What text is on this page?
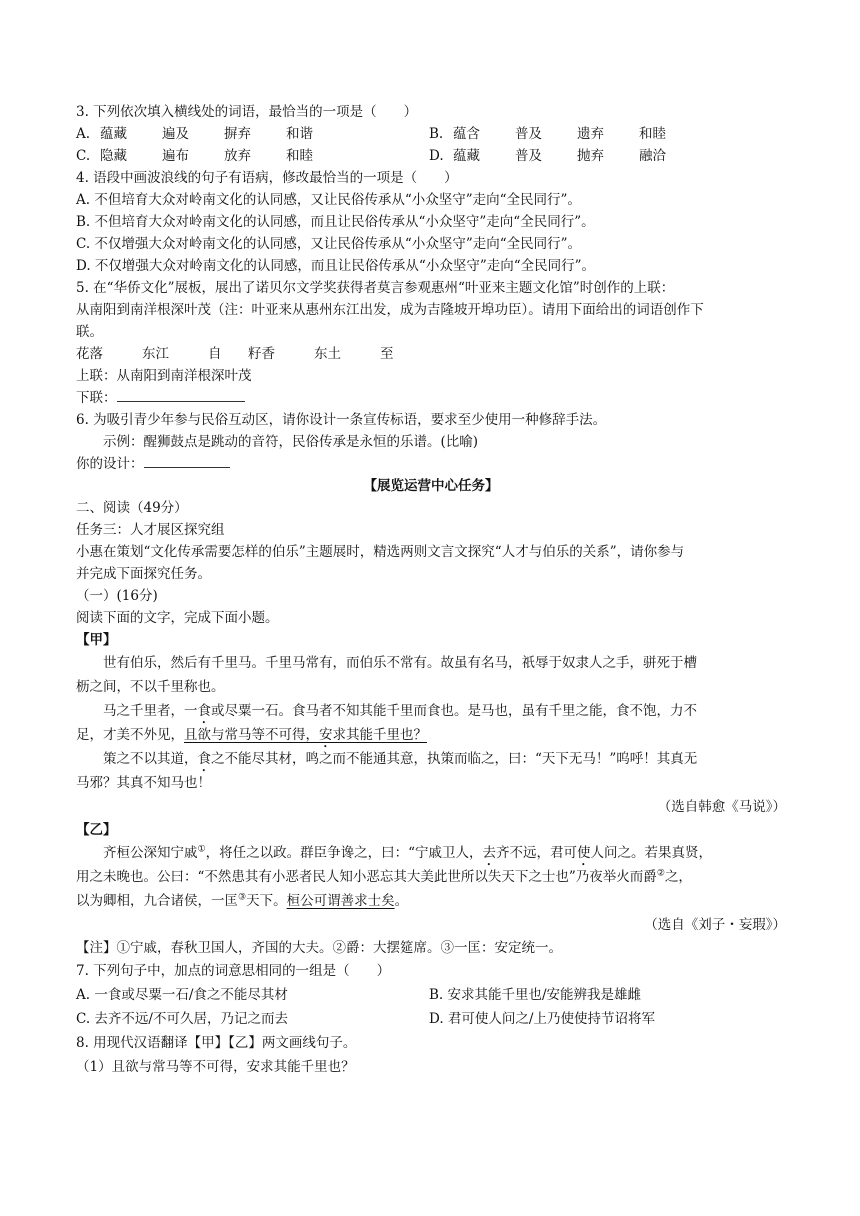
3. 下列依次填入横线处的词语，最恰当的一项是（　　）
A. 蕴藏	遍及	摒弃	和谐	B. 蕴含	普及	遗弃	和睦
C. 隐藏	遍布	放弃	和睦	D. 蕴藏	普及	抛弃	融洽
4. 语段中画波浪线的句子有语病，修改最恰当的一项是（　　）
A. 不但培育大众对岭南文化的认同感，又让民俗传承从“小众坚守”走向“全民同行”。
B. 不但培育大众对岭南文化的认同感，而且让民俗传承从“小众坚守”走向“全民同行”。
C. 不仅增强大众对岭南文化的认同感，又让民俗传承从“小众坚守”走向“全民同行”。
D. 不仅增强大众对岭南文化的认同感，而且让民俗传承从“小众坚守”走向“全民同行”。
5. 在“华侨文化”展板，展出了诺贝尔文学奖获得者莫言参观惠州“叶亚来主题文化馆”时创作的上联：
从南阳到南洋根深叶茂（注：叶亚来从惠州东江出发，成为吉隆坡开埠功臣）。请用下面给出的词语创作下
联。
花落	东江	自 籽香	东土	至
上联：从南阳到南洋根深叶茂
下联：
6. 为吸引青少年参与民俗互动区，请你设计一条宣传标语，要求至少使用一种修辞手法。
示例：醒狮鼓点是跳动的音符，民俗传承是永恒的乐谱。(比喻)
你的设计：
【展览运营中心任务】
二、阅读（49分）
任务三：人才展区探究组
小惠在策划“文化传承需要怎样的伯乐”主题展时，精选两则文言文探究“人才与伯乐的关系”，请你参与
并完成下面探究任务。
（一）(16分)
阅读下面的文字，完成下面小题。
【甲】
世有伯乐，然后有千里马。千里马常有，而伯乐不常有。故虽有名马，祇辱于奴隶人之手，骈死于槽
枥之间，不以千里称也。
马之千里者，一食或尽粟一石。食马者不知其能千里而食也。是马也，虽有千里之能，食不饱，力不
足，才美不外见，且欲与常马等不可得，安求其能千里也？
策之不以其道，食之不能尽其材，鸣之而不能通其意，执策而临之，曰：“天下无马！”呜呼！其真无
马邪？其真不知马也！
（选自韩愈《马说》）
【乙】
齐桓公深知宁戚①，将任之以政。群臣争谗之，曰：“宁戚卫人，去齐不远，君可使人问之。若果真贤，
用之未晚也。公曰：“不然患其有小恶者民人知小恶忘其大美此世所以失天下之士也”乃夜举火而爵②之，
以为卿相，九合诸侯，一匡③天下。桓公可谓善求士矣。
（选自《刘子・妄瑕》）
【注】①宁戚，春秋卫国人，齐国的大夫。②爵：大摆筵席。③一匡：安定统一。
7. 下列句子中，加点的词意思相同的一组是（　　）
A. 一食或尽粟一石/食之不能尽其材	B. 安求其能千里也/安能辨我是雄雌
C. 去齐不远/不可久居，乃记之而去	D. 君可使人问之/上乃使使持节诏将军
8. 用现代汉语翻译【甲】【乙】两文画线句子。
（1）且欲与常马等不可得，安求其能千里也？
